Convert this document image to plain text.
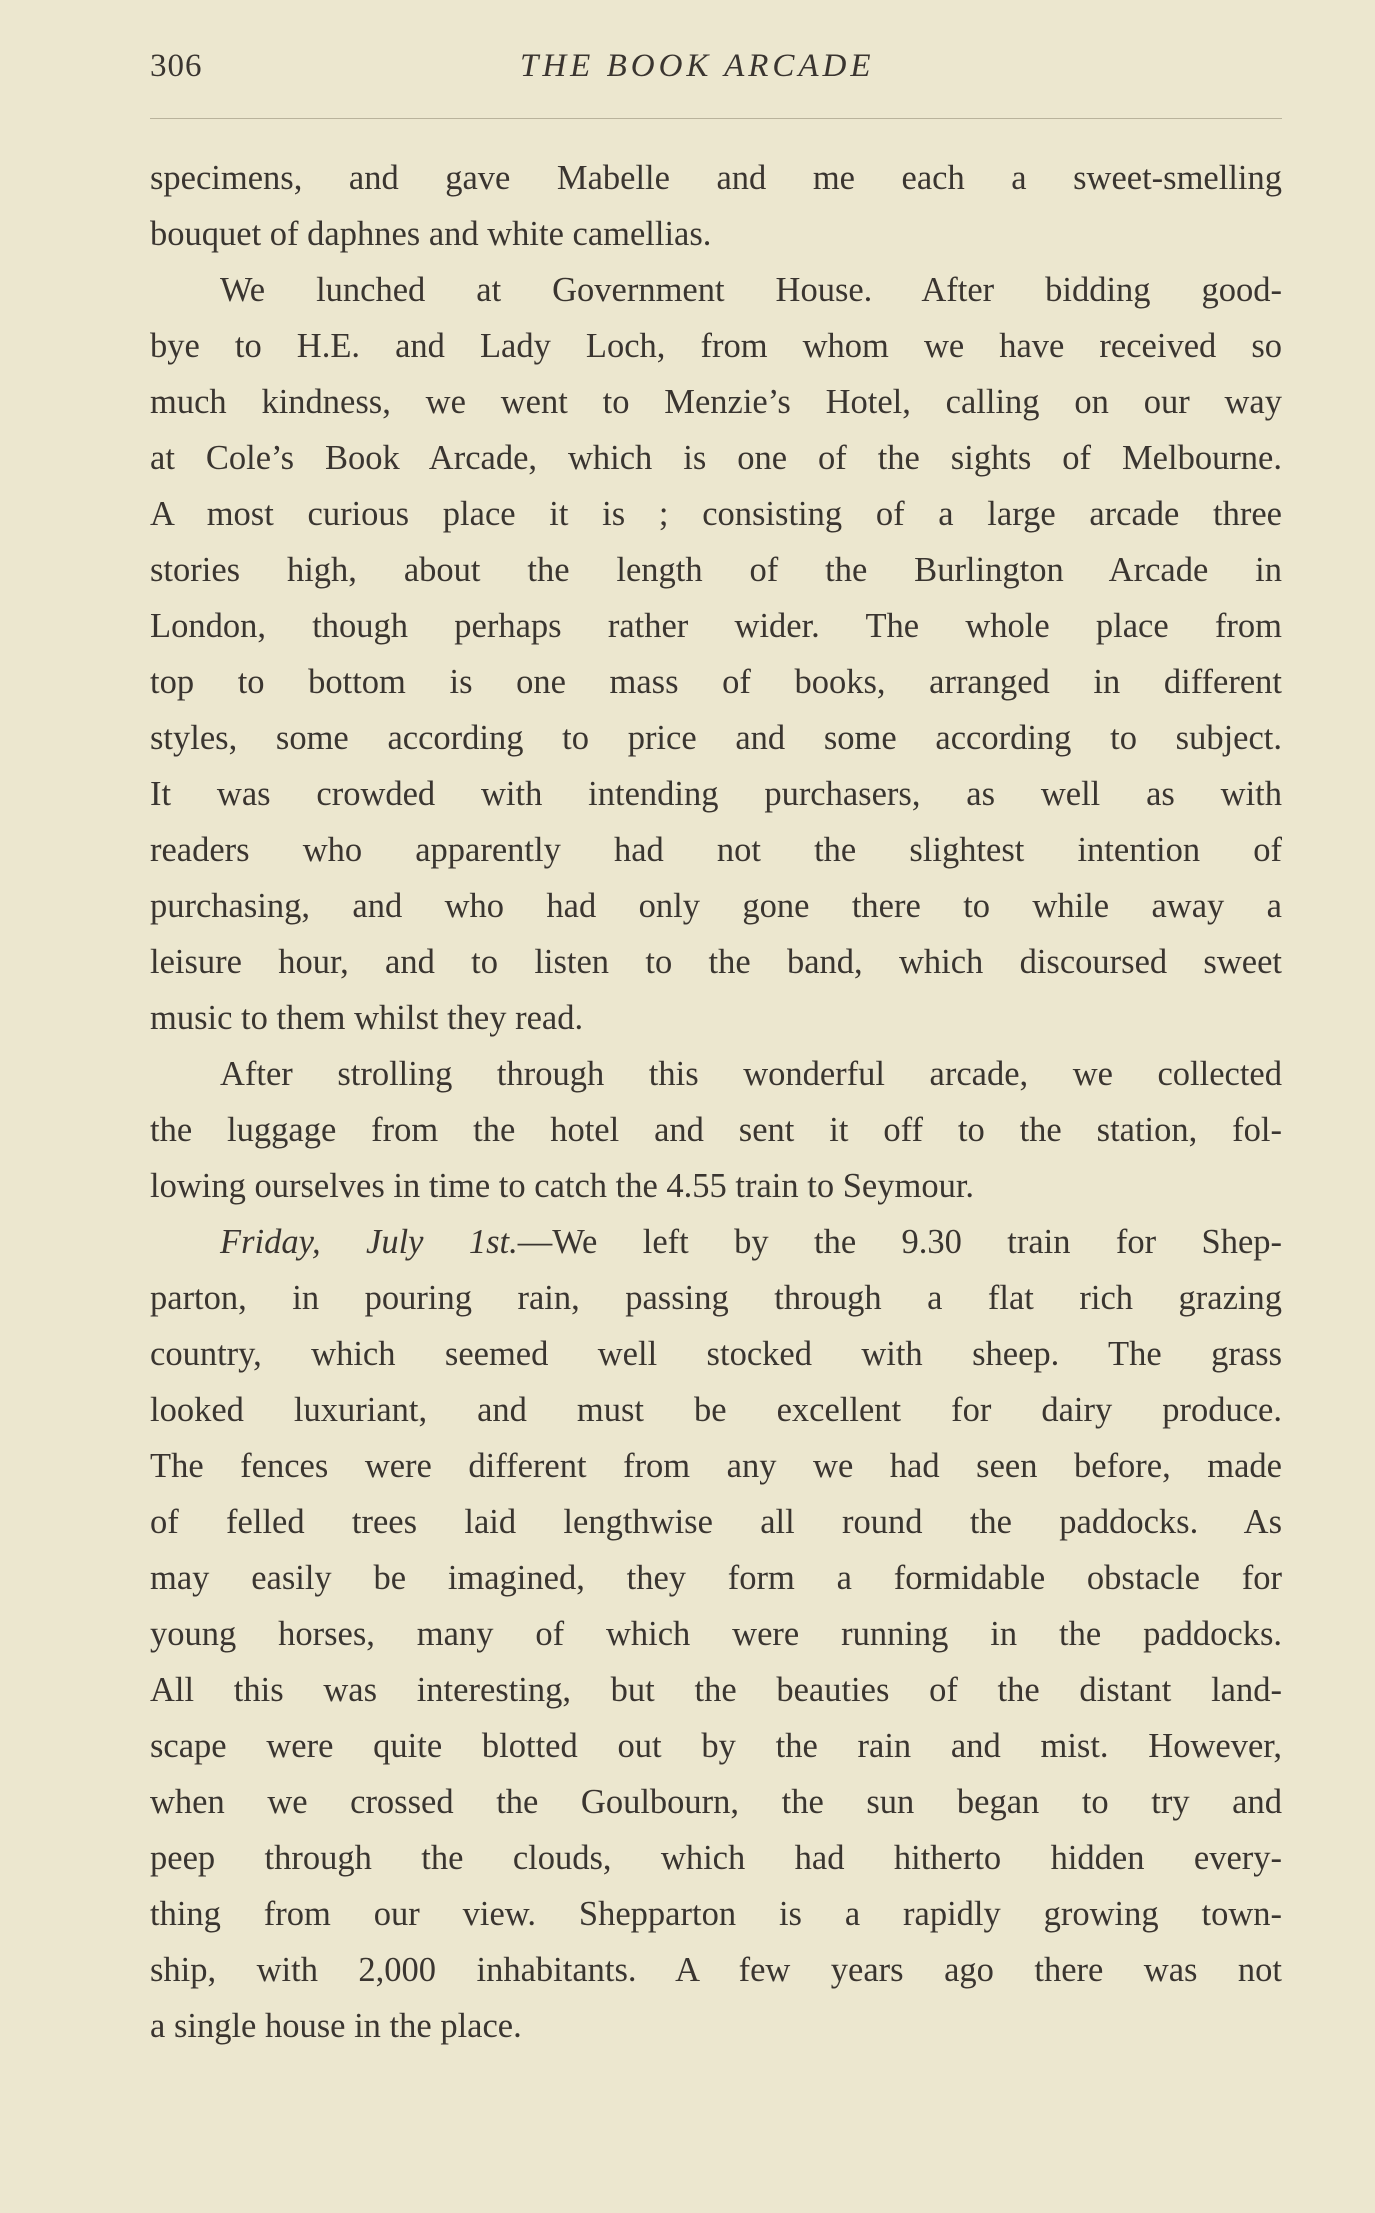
306	THE BOOK ARCADE
specimens, and gave Mabelle and me each a sweet-smelling
bouquet of daphnes and white camellias.
We lunched at Government House. After bidding good-
bye to H.E. and Lady Loch, from whom we have received so
much kindness, we went to Menzie’s Hotel, calling on our way
at Cole’s Book Arcade, which is one of the sights of Melbourne.
A most curious place it is ; consisting of a large arcade three
stories high, about the length of the Burlington Arcade in
London, though perhaps rather wider. The whole place from
top to bottom is one mass of books, arranged in different
styles, some according to price and some according to subject.
It was crowded with intending purchasers, as well as with
readers who apparently had not the slightest intention of
purchasing, and who had only gone there to while away a
leisure hour, and to listen to the band, which discoursed sweet
music to them whilst they read.
After strolling through this wonderful arcade, we collected
the luggage from the hotel and sent it off to the station, fol-
lowing ourselves in time to catch the 4.55 train to Seymour.
Friday, July 1st.—We left by the 9.30 train for Shep-
parton, in pouring rain, passing through a flat rich grazing
country, which seemed well stocked with sheep. The grass
looked luxuriant, and must be excellent for dairy produce.
The fences were different from any we had seen before, made
of felled trees laid lengthwise all round the paddocks. As
may easily be imagined, they form a formidable obstacle for
young horses, many of which were running in the paddocks.
All this was interesting, but the beauties of the distant land-
scape were quite blotted out by the rain and mist. However,
when we crossed the Goulbourn, the sun began to try and
peep through the clouds, which had hitherto hidden every-
thing from our view. Shepparton is a rapidly growing town-
ship, with 2,000 inhabitants. A few years ago there was not
a single house in the place.
